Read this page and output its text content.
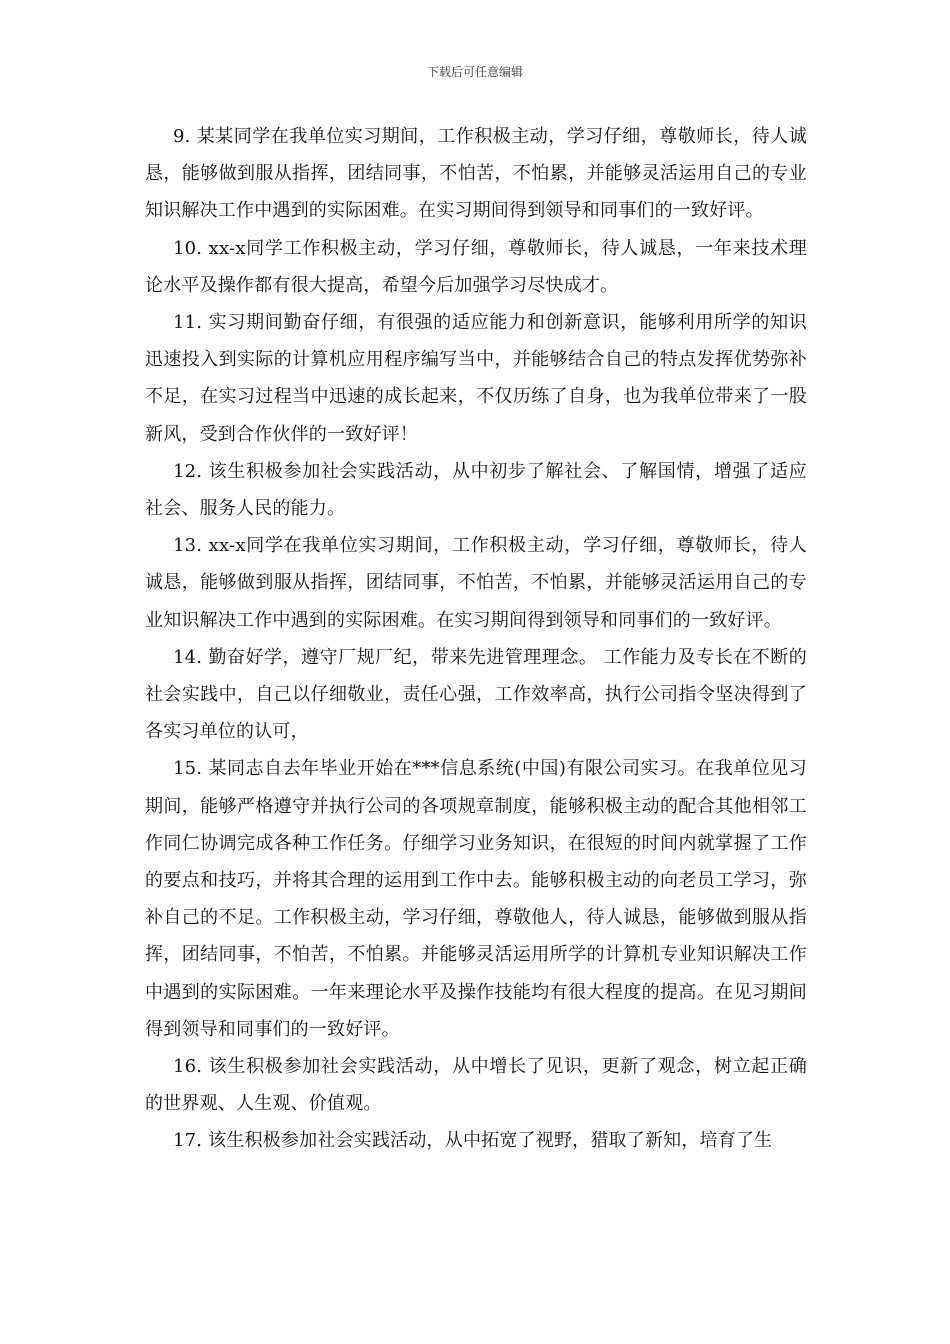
下载后可任意编辑

9. 某某同学在我单位实习期间，工作积极主动，学习仔细，尊敬师长，待人诚恳，能够做到服从指挥，团结同事，不怕苦，不怕累，并能够灵活运用自己的专业知识解决工作中遇到的实际困难。在实习期间得到领导和同事们的一致好评。

10. xx-x同学工作积极主动，学习仔细，尊敬师长，待人诚恳，一年来技术理论水平及操作都有很大提高，希望今后加强学习尽快成才。

11. 实习期间勤奋仔细，有很强的适应能力和创新意识，能够利用所学的知识迅速投入到实际的计算机应用程序编写当中，并能够结合自己的特点发挥优势弥补不足，在实习过程当中迅速的成长起来，不仅历练了自身，也为我单位带来了一股新风，受到合作伙伴的一致好评！

12. 该生积极参加社会实践活动，从中初步了解社会、了解国情，增强了适应社会、服务人民的能力。

13. xx-x同学在我单位实习期间，工作积极主动，学习仔细，尊敬师长，待人诚恳，能够做到服从指挥，团结同事，不怕苦，不怕累，并能够灵活运用自己的专业知识解决工作中遇到的实际困难。在实习期间得到领导和同事们的一致好评。

14. 勤奋好学，遵守厂规厂纪，带来先进管理理念。 工作能力及专长在不断的社会实践中，自己以仔细敬业，责任心强，工作效率高，执行公司指令坚决得到了各实习单位的认可，

15. 某同志自去年毕业开始在***信息系统(中国)有限公司实习。在我单位见习期间，能够严格遵守并执行公司的各项规章制度，能够积极主动的配合其他相邻工作同仁协调完成各种工作任务。仔细学习业务知识，在很短的时间内就掌握了工作的要点和技巧，并将其合理的运用到工作中去。能够积极主动的向老员工学习，弥补自己的不足。工作积极主动，学习仔细，尊敬他人，待人诚恳，能够做到服从指挥，团结同事，不怕苦，不怕累。并能够灵活运用所学的计算机专业知识解决工作中遇到的实际困难。一年来理论水平及操作技能均有很大程度的提高。在见习期间得到领导和同事们的一致好评。

16. 该生积极参加社会实践活动，从中增长了见识，更新了观念，树立起正确的世界观、人生观、价值观。

17. 该生积极参加社会实践活动，从中拓宽了视野，猎取了新知，培育了生
